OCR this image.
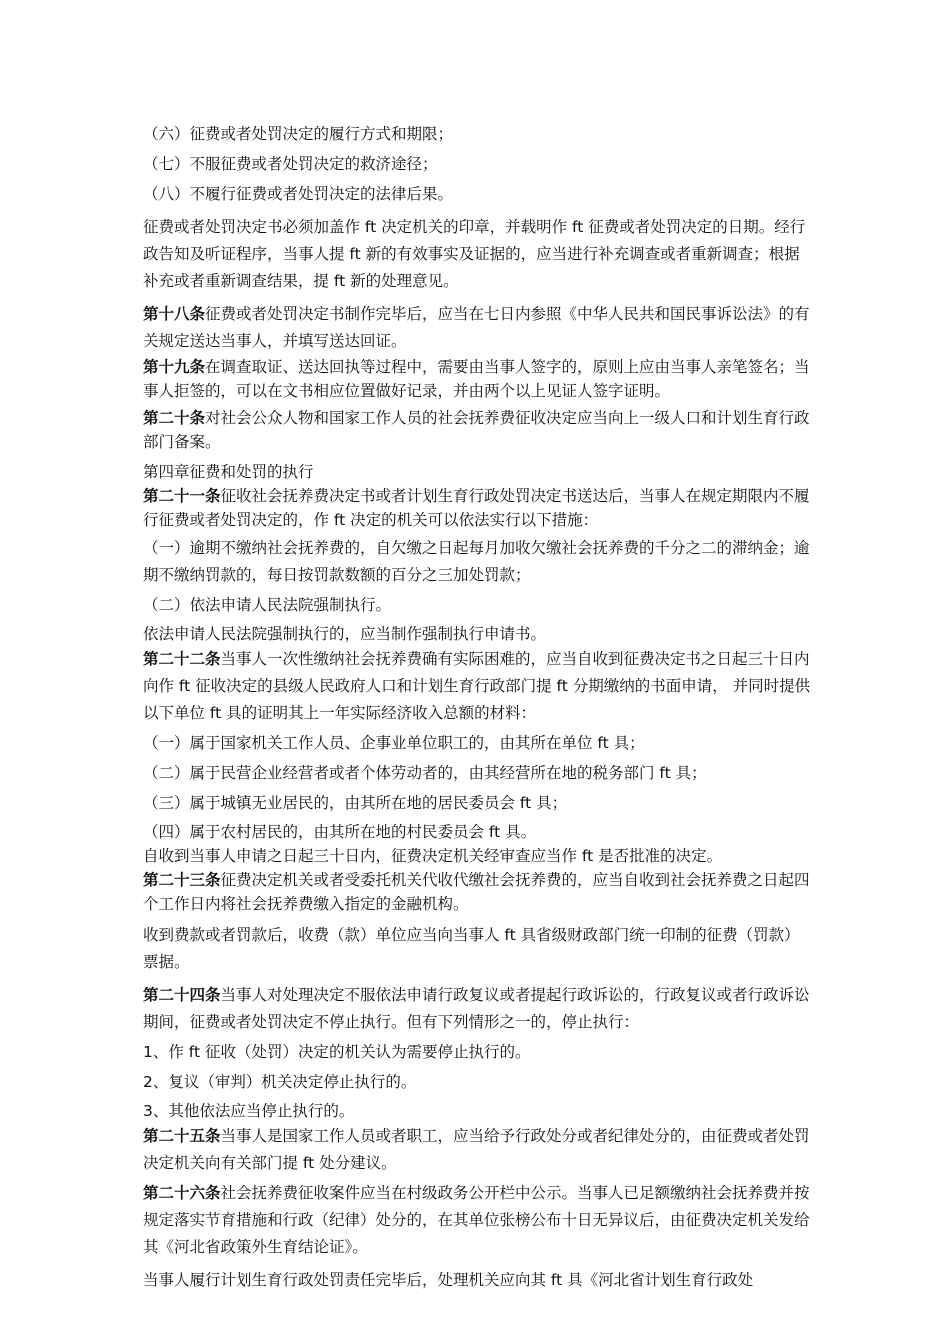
（六）征费或者处罚决定的履行方式和期限；

（七）不服征费或者处罚决定的救济途径；

（八）不履行征费或者处罚决定的法律后果。

征费或者处罚决定书必须加盖作 ft 决定机关的印章，并载明作 ft 征费或者处罚决定的日期。经行政告知及听证程序，当事人提 ft 新的有效事实及证据的，应当进行补充调查或者重新调查；根据补充或者重新调查结果，提 ft 新的处理意见。

第十八条征费或者处罚决定书制作完毕后，应当在七日内参照《中华人民共和国民事诉讼法》的有关规定送达当事人，并填写送达回证。

第十九条在调查取证、送达回执等过程中，需要由当事人签字的，原则上应由当事人亲笔签名；当事人拒签的，可以在文书相应位置做好记录，并由两个以上见证人签字证明。

第二十条对社会公众人物和国家工作人员的社会抚养费征收决定应当向上一级人口和计划生育行政部门备案。

第四章征费和处罚的执行

第二十一条征收社会抚养费决定书或者计划生育行政处罚决定书送达后，当事人在规定期限内不履行征费或者处罚决定的，作 ft 决定的机关可以依法实行以下措施：

（一）逾期不缴纳社会抚养费的，自欠缴之日起每月加收欠缴社会抚养费的千分之二的滞纳金；逾期不缴纳罚款的，每日按罚款数额的百分之三加处罚款；

（二）依法申请人民法院强制执行。

依法申请人民法院强制执行的，应当制作强制执行申请书。

第二十二条当事人一次性缴纳社会抚养费确有实际困难的，应当自收到征费决定书之日起三十日内向作 ft 征收决定的县级人民政府人口和计划生育行政部门提 ft 分期缴纳的书面申请， 并同时提供以下单位 ft 具的证明其上一年实际经济收入总额的材料：

（一）属于国家机关工作人员、企事业单位职工的，由其所在单位 ft 具；

（二）属于民营企业经营者或者个体劳动者的，由其经营所在地的税务部门 ft 具；

（三）属于城镇无业居民的，由其所在地的居民委员会 ft 具；

（四）属于农村居民的，由其所在地的村民委员会 ft 具。

自收到当事人申请之日起三十日内，征费决定机关经审查应当作 ft 是否批准的决定。

第二十三条征费决定机关或者受委托机关代收代缴社会抚养费的，应当自收到社会抚养费之日起四个工作日内将社会抚养费缴入指定的金融机构。

收到费款或者罚款后，收费（款）单位应当向当事人 ft 具省级财政部门统一印制的征费（罚款）票据。

第二十四条当事人对处理决定不服依法申请行政复议或者提起行政诉讼的，行政复议或者行政诉讼期间，征费或者处罚决定不停止执行。但有下列情形之一的，停止执行：

1、作 ft 征收（处罚）决定的机关认为需要停止执行的。

2、复议（审判）机关决定停止执行的。

3、其他依法应当停止执行的。

第二十五条当事人是国家工作人员或者职工，应当给予行政处分或者纪律处分的，由征费或者处罚决定机关向有关部门提 ft 处分建议。

第二十六条社会抚养费征收案件应当在村级政务公开栏中公示。当事人已足额缴纳社会抚养费并按规定落实节育措施和行政（纪律）处分的，在其单位张榜公布十日无异议后，由征费决定机关发给其《河北省政策外生育结论证》。

当事人履行计划生育行政处罚责任完毕后，处理机关应向其 ft 具《河北省计划生育行政处
